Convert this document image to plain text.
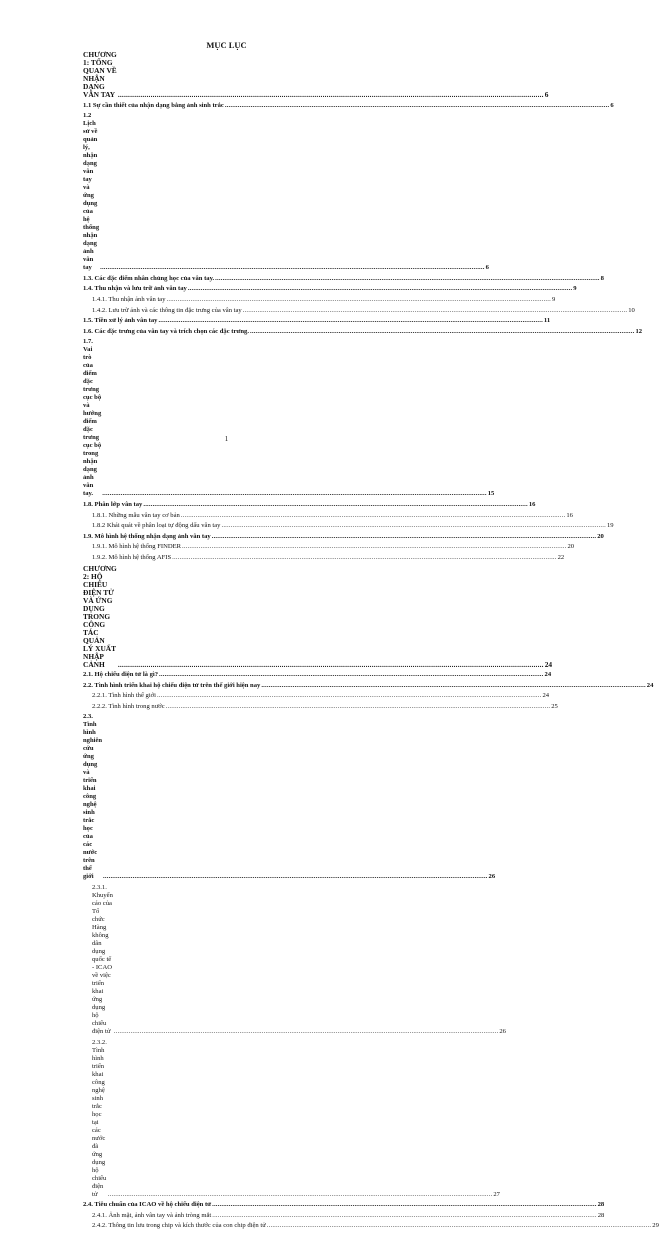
MỤC LỤC
CHƯƠNG 1: TỔNG QUAN VỀ NHẬN DẠNG VÂN TAY .....	6
1.1 Sự cần thiết của nhận dạng bằng ảnh sinh trắc .....	6
1.2 Lịch sử về quản lý, nhận dạng vân tay và ứng dụng của hệ thống nhận dạng ảnh vân tay .....	6
1.3. Các đặc điểm nhân chủng học của vân tay. .....	8
1.4. Thu nhận và lưu trữ ảnh vân tay .....	9
1.4.1. Thu nhận ảnh vân tay .....	9
1.4.2. Lưu trữ ảnh và các thông tin đặc trưng của vân tay .....	10
1.5. Tiền xử lý ảnh vân tay .....	11
1.6. Các đặc trưng của vân tay và trích chọn các đặc trưng. .....	12
1.7. Vai trò của điểm đặc trưng cục bộ và hướng điểm đặc trưng cục bộ trong nhận dạng ảnh vân tay. .....	15
1.8. Phân lớp vân tay .....	16
1.8.1. Những mẫu vân tay cơ bản .....	16
1.8.2 Khái quát về phân loại tự động dấu vân tay .....	19
1.9. Mô hình hệ thống nhận dạng ảnh vân tay .....	20
1.9.1. Mô hình hệ thống FINDER .....	20
1.9.2. Mô hình hệ thống AFIS .....	22
CHƯƠNG 2: HỘ CHIẾU ĐIỆN TỬ VÀ ỨNG DỤNG TRONG CÔNG TÁC QUẢN LÝ XUẤT NHẬP CẢNH .....	24
2.1. Hộ chiếu điện tử là gì? .....	24
2.2. Tình hình triển khai hộ chiếu điện tử trên thế giới hiện nay .....	24
2.2.1. Tình hình thế giới .....	24
2.2.2. Tình hình trong nước .....	25
2.3. Tình hình nghiên cứu ứng dụng và triển khai công nghệ sinh trắc học của các nước trên thế giới .....	26
2.3.1. Khuyến cáo của Tổ chức Hàng không dân dụng quốc tế - ICAO về việc triển khai ứng dụng hộ chiếu điện tử .....	26
2.3.2. Tình hình triển khai công nghệ sinh trắc học tại các nước đã ứng dụng hộ chiếu điện tử .....	27
2.4. Tiêu chuẩn của ICAO về hộ chiếu điện tử .....	28
2.4.1. Ảnh mặt, ảnh vân tay và ảnh tròng mắt .....	28
2.4.2. Thông tin lưu trong chip và kích thước của con chip điện tử .....	29
1
